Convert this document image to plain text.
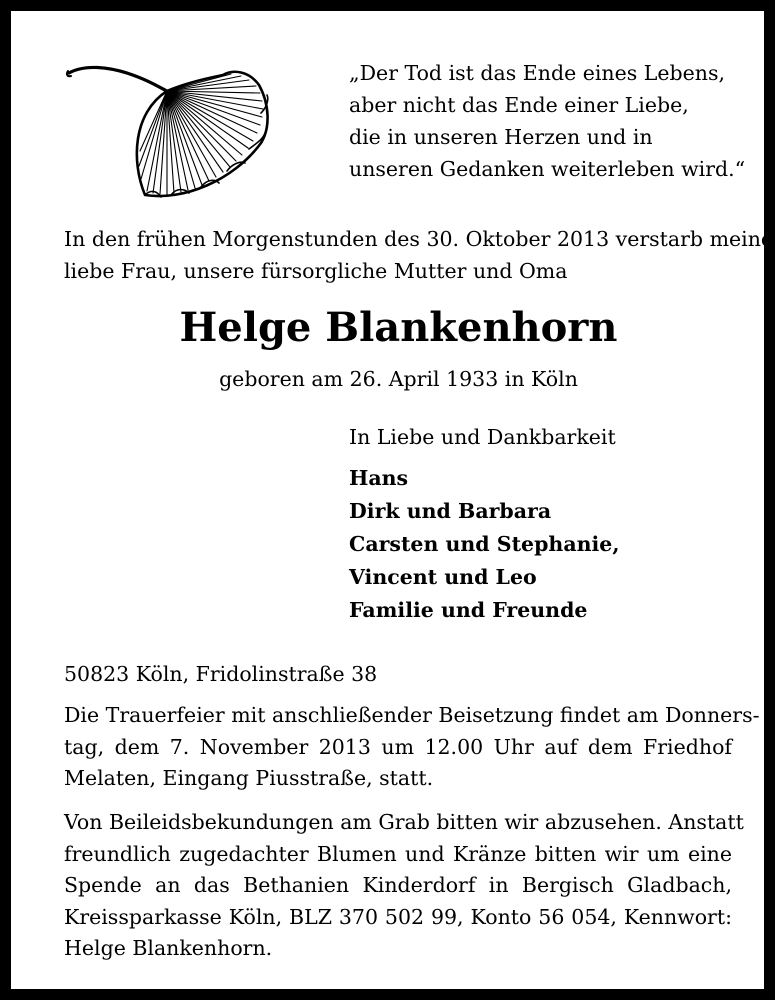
„Der Tod ist das Ende eines Lebens,
aber nicht das Ende einer Liebe,
die in unseren Herzen und in
unseren Gedanken weiterleben wird.“
In den frühen Morgenstunden des 30. Oktober 2013 verstarb meine
liebe Frau, unsere fürsorgliche Mutter und Oma
Helge Blankenhorn
geboren am 26. April 1933 in Köln
In Liebe und Dankbarkeit
Hans
Dirk und Barbara
Carsten und Stephanie,
Vincent und Leo
Familie und Freunde
50823 Köln, Fridolinstraße 38
Die Trauerfeier mit anschließender Beisetzung findet am Donners-
tag, dem 7. November 2013 um 12.00 Uhr auf dem Friedhof
Melaten, Eingang Piusstraße, statt.
Von Beileidsbekundungen am Grab bitten wir abzusehen. Anstatt
freundlich zugedachter Blumen und Kränze bitten wir um eine
Spende an das Bethanien Kinderdorf in Bergisch Gladbach,
Kreissparkasse Köln, BLZ 370 502 99, Konto 56 054, Kennwort:
Helge Blankenhorn.
